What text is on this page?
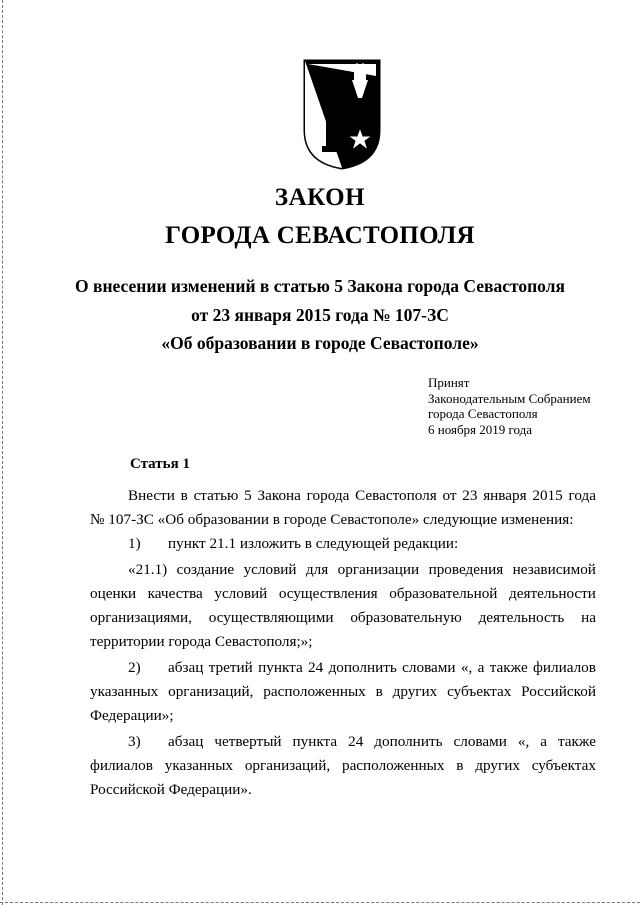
ЗАКОН
ГОРОДА СЕВАСТОПОЛЯ
О внесении изменений в статью 5 Закона города Севастополя
от 23 января 2015 года № 107-ЗС
«Об образовании в городе Севастополе»
Принят
Законодательным Собранием
города Севастополя
6 ноября 2019 года
Статья 1
Внести в статью 5 Закона города Севастополя от 23 января 2015 года
№ 107-ЗС «Об образовании в городе Севастополе» следующие изменения:
1) пункт 21.1 изложить в следующей редакции:
«21.1) создание условий для организации проведения независимой
оценки качества условий осуществления образовательной деятельности
организациями, осуществляющими образовательную деятельность на
территории города Севастополя;»;
2) абзац третий пункта 24 дополнить словами «, а также филиалов
указанных организаций, расположенных в других субъектах Российской
Федерации»;
3) абзац четвертый пункта 24 дополнить словами «, а также
филиалов указанных организаций, расположенных в других субъектах
Российской Федерации».
